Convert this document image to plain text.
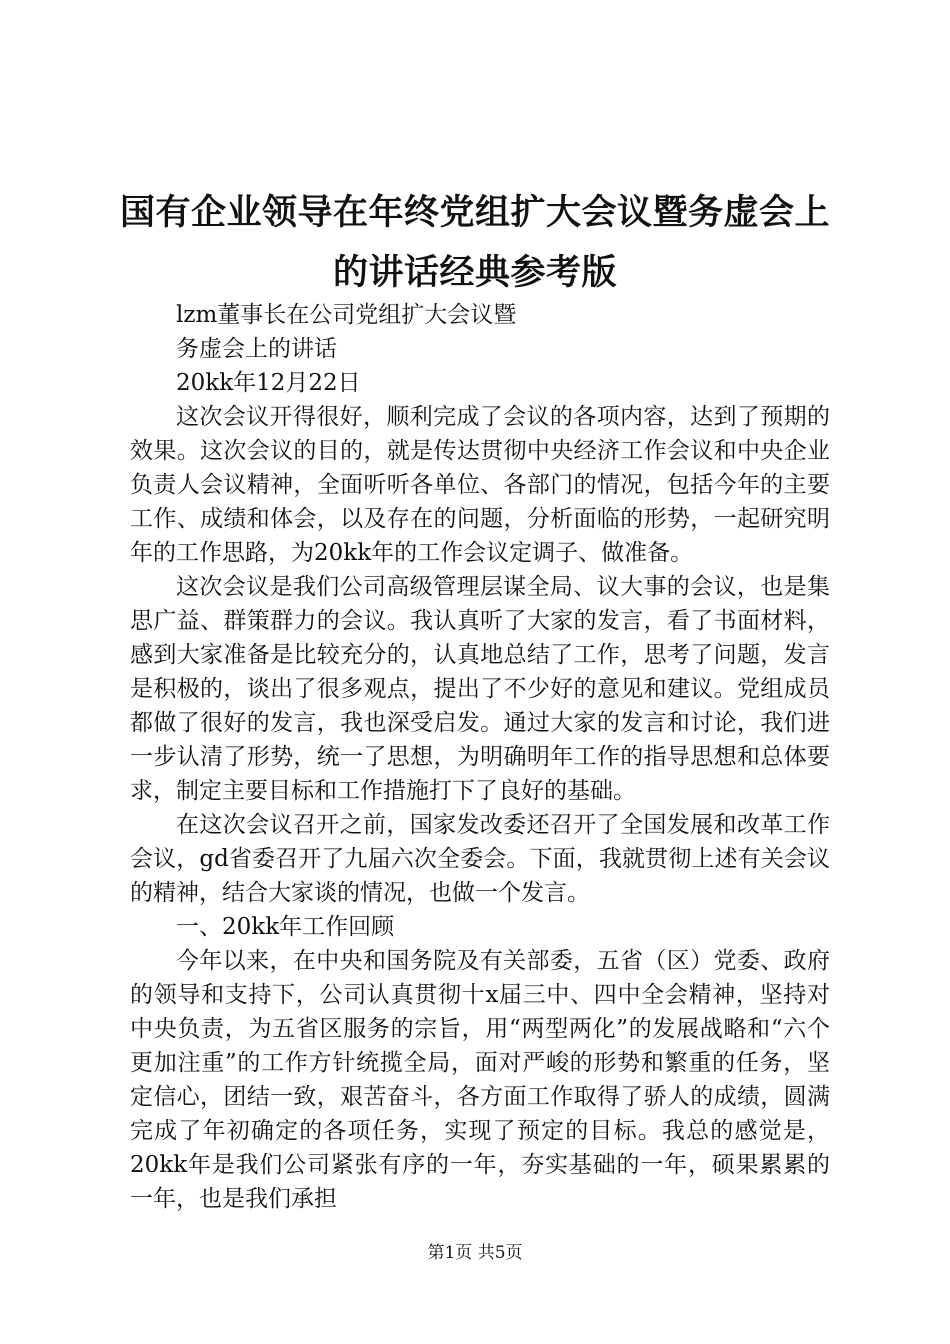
国有企业领导在年终党组扩大会议暨务虚会上的讲话经典参考版

lzm董事长在公司党组扩大会议暨

务虚会上的讲话

20kk年12月22日

这次会议开得很好，顺利完成了会议的各项内容，达到了预期的效果。这次会议的目的，就是传达贯彻中央经济工作会议和中央企业负责人会议精神，全面听听各单位、各部门的情况，包括今年的主要工作、成绩和体会，以及存在的问题，分析面临的形势，一起研究明年的工作思路，为20kk年的工作会议定调子、做准备。

这次会议是我们公司高级管理层谋全局、议大事的会议，也是集思广益、群策群力的会议。我认真听了大家的发言，看了书面材料，感到大家准备是比较充分的，认真地总结了工作，思考了问题，发言是积极的，谈出了很多观点，提出了不少好的意见和建议。党组成员都做了很好的发言，我也深受启发。通过大家的发言和讨论，我们进一步认清了形势，统一了思想，为明确明年工作的指导思想和总体要求，制定主要目标和工作措施打下了良好的基础。

在这次会议召开之前，国家发改委还召开了全国发展和改革工作会议，gd省委召开了九届六次全委会。下面，我就贯彻上述有关会议的精神，结合大家谈的情况，也做一个发言。

一、20kk年工作回顾

今年以来，在中央和国务院及有关部委，五省（区）党委、政府的领导和支持下，公司认真贯彻十x届三中、四中全会精神，坚持对中央负责，为五省区服务的宗旨，用“两型两化”的发展战略和“六个更加注重”的工作方针统揽全局，面对严峻的形势和繁重的任务，坚定信心，团结一致，艰苦奋斗，各方面工作取得了骄人的成绩，圆满完成了年初确定的各项任务，实现了预定的目标。我总的感觉是，20kk年是我们公司紧张有序的一年，夯实基础的一年，硕果累累的一年，也是我们承担

第1页 共5页
